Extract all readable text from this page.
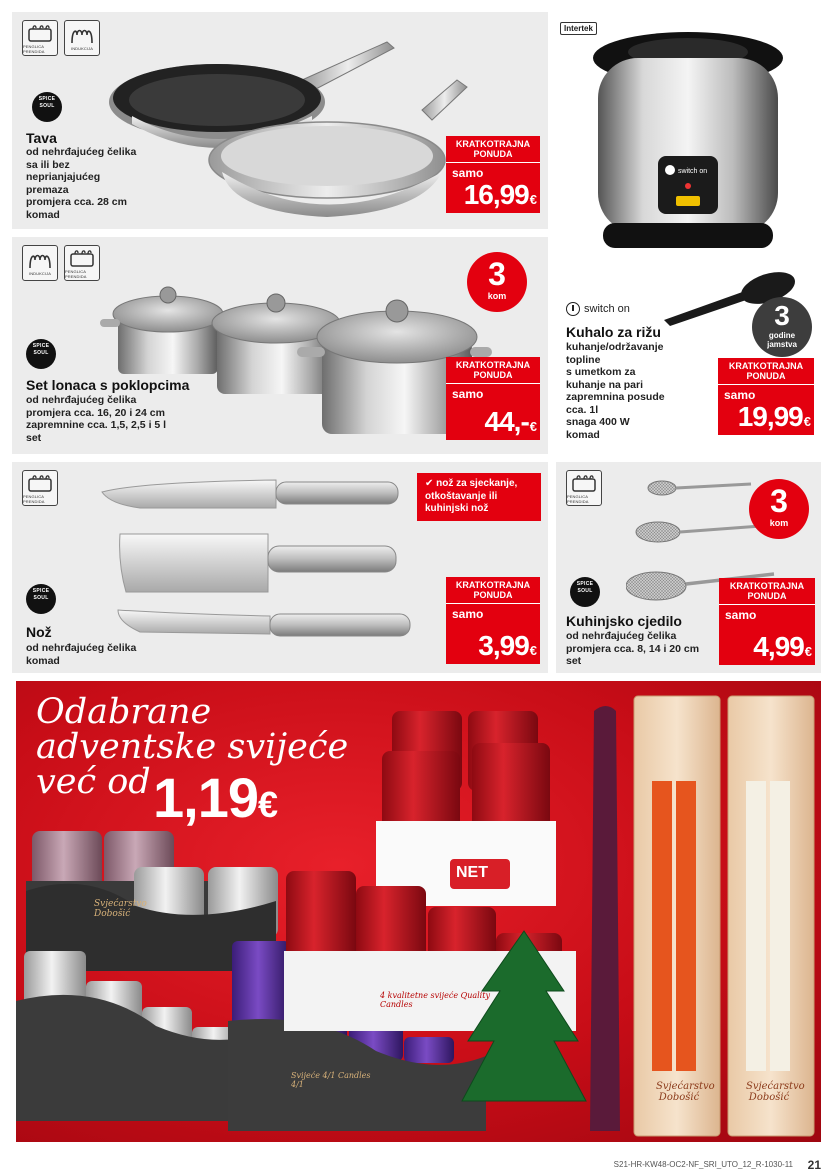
PENGLICA PRENDIDA	INDUKCIJA
SPICE SOUL
Tava
od nehrđajućeg čelika
sa ili bez
neprianjajućeg
premaza
promjera cca. 28 cm
komad
KRATKOTRAJNA
PONUDA
samo
16,99€
Intertek
switch on
switch on
Kuhalo za rižu
kuhanje/održavanje
topline
s umetkom za
kuhanje na pari
zapremnina posude
cca. 1l
snaga 400 W
komad
3
godine
jamstva
KRATKOTRAJNA
PONUDA
samo
19,99€
INDUKCIJA	PENGLICA PRENDIDA	3
kom
SPICE SOUL
Set lonaca s poklopcima
od nehrđajućeg čelika
promjera cca. 16, 20 i 24 cm
zapremnine cca. 1,5, 2,5 i 5 l
set
KRATKOTRAJNA
PONUDA
samo
44,-€
PENGLICA PRENDIDA
SPICE SOUL
Nož
od nehrđajućeg čelika
komad
KRATKOTRAJNA
PONUDA
samo
3,99€
✔ nož za sjeckanje,
otkoštavanje ili
kuhinjski nož
PENGLICA PRENDIDA	3
kom
SPICE SOUL
Kuhinjsko cjedilo
od nehrđajućeg čelika
promjera cca. 8, 14 i 20 cm
set
KRATKOTRAJNA
PONUDA
samo
4,99€
Odabrane
adventske svijeće
već od 1,19€
Svjećarstvo Dobošić
Svjećarstvo Dobošić
NET
4 kvalitetne svijeće Quality Candles
Svijeće 4/1 Candles 4/1
Svjećarstvo Dobošić
21
S21-HR-KW48-OC2-NF_SRI_UTO_12_R-1030-11
